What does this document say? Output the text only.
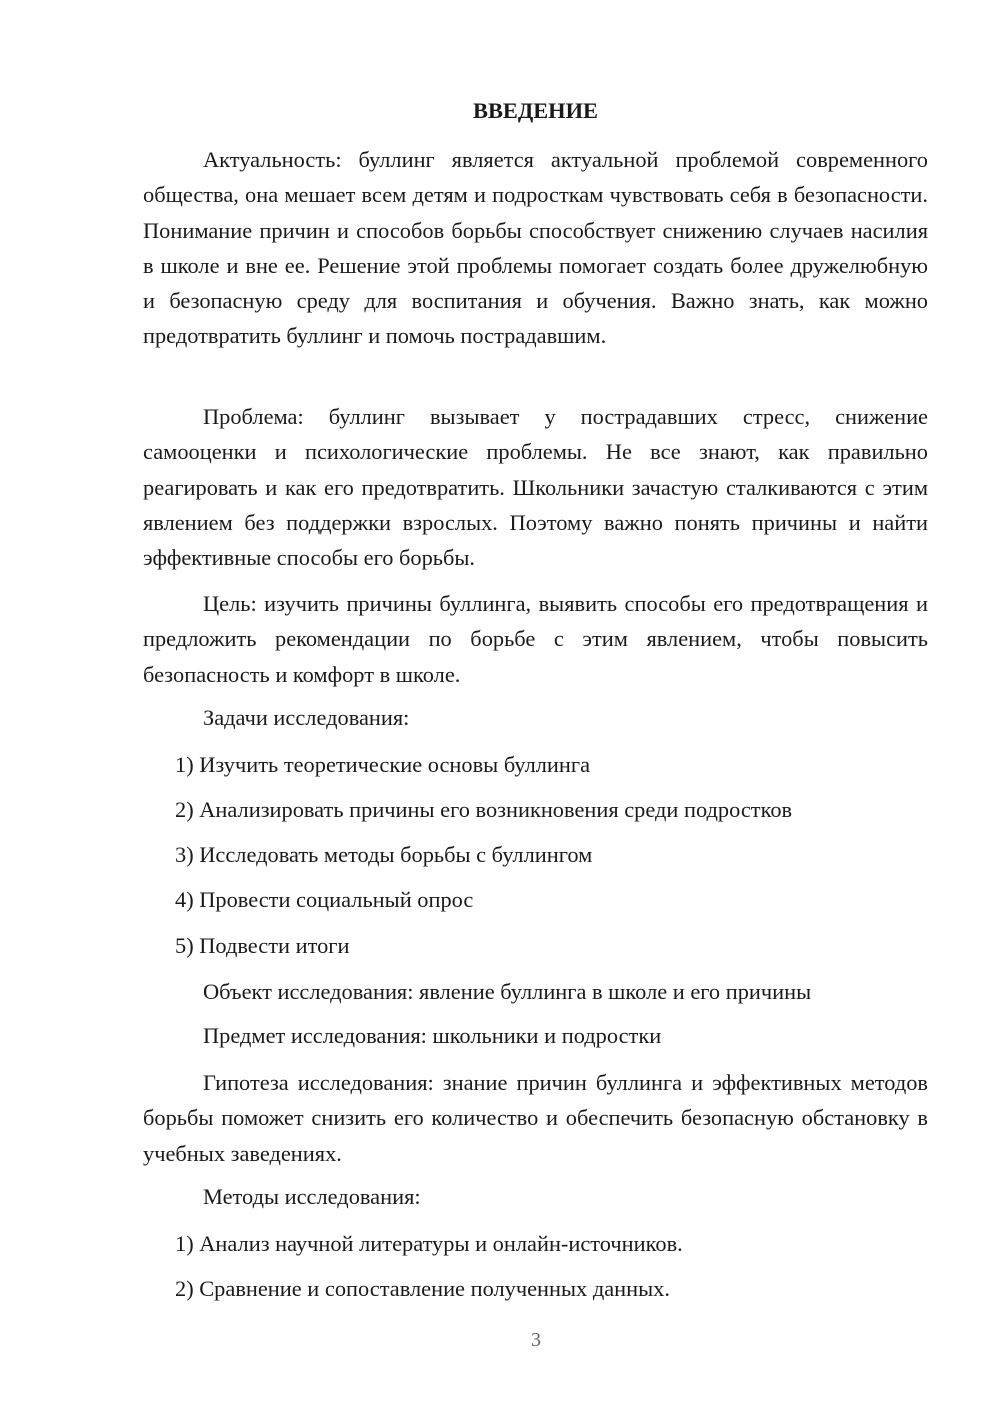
ВВЕДЕНИЕ

Актуальность: буллинг является актуальной проблемой современного общества, она мешает всем детям и подросткам чувствовать себя в безопасности. Понимание причин и способов борьбы способствует снижению случаев насилия в школе и вне ее. Решение этой проблемы помогает создать более дружелюбную и безопасную среду для воспитания и обучения. Важно знать, как можно предотвратить буллинг и помочь пострадавшим.

Проблема: буллинг вызывает у пострадавших стресс, снижение самооценки и психологические проблемы. Не все знают, как правильно реагировать и как его предотвратить. Школьники зачастую сталкиваются с этим явлением без поддержки взрослых. Поэтому важно понять причины и найти эффективные способы его борьбы.

Цель: изучить причины буллинга, выявить способы его предотвращения и предложить рекомендации по борьбе с этим явлением, чтобы повысить безопасность и комфорт в школе.

Задачи исследования:
1) Изучить теоретические основы буллинга
2) Анализировать причины его возникновения среди подростков
3) Исследовать методы борьбы с буллингом
4) Провести социальный опрос
5) Подвести итоги
Объект исследования: явление буллинга в школе и его причины
Предмет исследования: школьники и подростки

Гипотеза исследования: знание причин буллинга и эффективных методов борьбы поможет снизить его количество и обеспечить безопасную обстановку в учебных заведениях.

Методы исследования:
1) Анализ научной литературы и онлайн-источников.
2) Сравнение и сопоставление полученных данных.
3
